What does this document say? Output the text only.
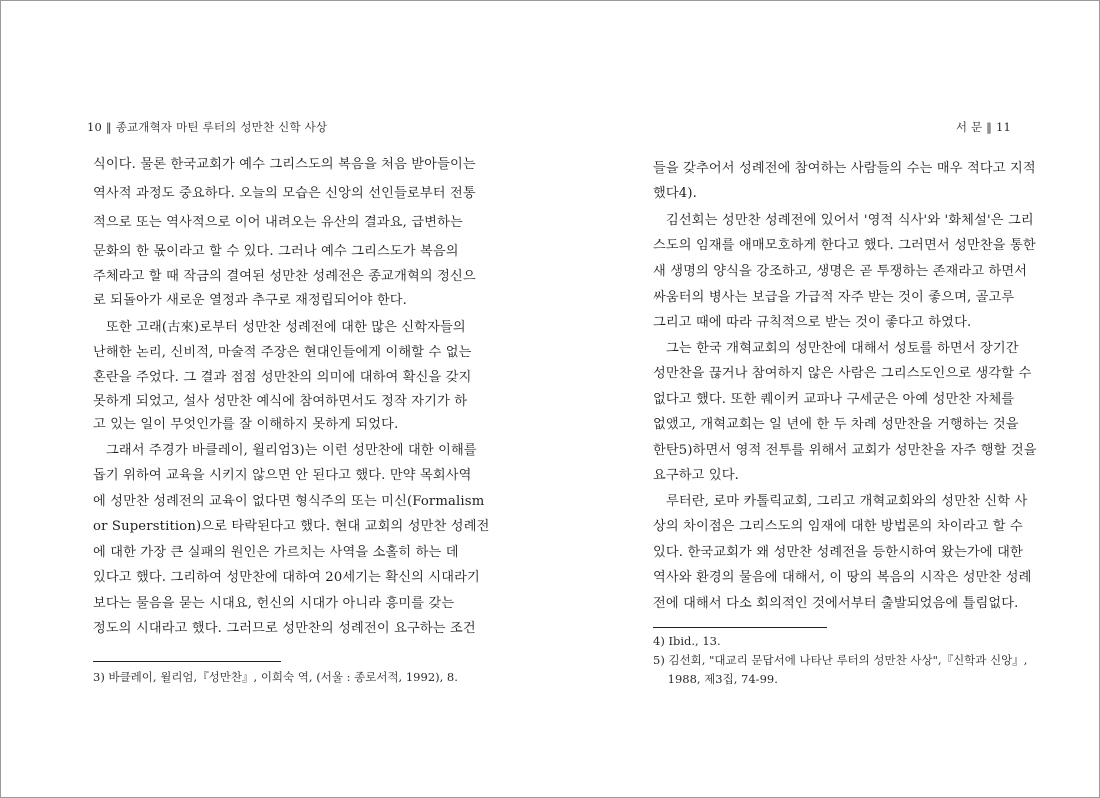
10 ‖ 종교개혁자 마틴 루터의 성만찬 신학 사상
식이다. 물론 한국교회가 예수 그리스도의 복음을 처음 받아들이는
역사적 과정도 중요하다. 오늘의 모습은 신앙의 선인들로부터 전통
적으로 또는 역사적으로 이어 내려오는 유산의 결과요, 급변하는
문화의 한 몫이라고 할 수 있다. 그러나 예수 그리스도가 복음의
주체라고 할 때 작금의 결여된 성만찬 성례전은 종교개혁의 정신으
로 되돌아가 새로운 열정과 추구로 재정립되어야 한다.
또한 고래(古來)로부터 성만찬 성례전에 대한 많은 신학자들의
난해한 논리, 신비적, 마술적 주장은 현대인들에게 이해할 수 없는
혼란을 주었다. 그 결과 점점 성만찬의 의미에 대하여 확신을 갖지
못하게 되었고, 설사 성만찬 예식에 참여하면서도 정작 자기가 하
고 있는 일이 무엇인가를 잘 이해하지 못하게 되었다.
그래서 주경가 바클레이, 윌리엄3)는 이런 성만찬에 대한 이해를
돕기 위하여 교육을 시키지 않으면 안 된다고 했다. 만약 목회사역
에 성만찬 성례전의 교육이 없다면 형식주의 또는 미신(Formalism
or Superstition)으로 타락된다고 했다. 현대 교회의 성만찬 성례전
에 대한 가장 큰 실패의 원인은 가르치는 사역을 소홀히 하는 데
있다고 했다. 그리하여 성만찬에 대하여 20세기는 확신의 시대라기
보다는 물음을 묻는 시대요, 헌신의 시대가 아니라 흥미를 갖는
정도의 시대라고 했다. 그러므로 성만찬의 성례전이 요구하는 조건
3) 바클레이, 윌리엄,『성만찬』, 이희숙 역, (서울 : 종로서적, 1992), 8.
서 문 ‖ 11
들을 갖추어서 성례전에 참여하는 사람들의 수는 매우 적다고 지적
했다4).
김선회는 성만찬 성례전에 있어서 '영적 식사'와 '화체설'은 그리
스도의 임재를 애매모호하게 한다고 했다. 그러면서 성만찬을 통한
새 생명의 양식을 강조하고, 생명은 곧 투쟁하는 존재라고 하면서
싸움터의 병사는 보급을 가급적 자주 받는 것이 좋으며, 골고루
그리고 때에 따라 규칙적으로 받는 것이 좋다고 하였다.
그는 한국 개혁교회의 성만찬에 대해서 성토를 하면서 장기간
성만찬을 끊거나 참여하지 않은 사람은 그리스도인으로 생각할 수
없다고 했다. 또한 퀘이커 교파나 구세군은 아예 성만찬 자체를
없앴고, 개혁교회는 일 년에 한 두 차례 성만찬을 거행하는 것을
한탄5)하면서 영적 전투를 위해서 교회가 성만찬을 자주 행할 것을
요구하고 있다.
루터란, 로마 카톨릭교회, 그리고 개혁교회와의 성만찬 신학 사
상의 차이점은 그리스도의 임재에 대한 방법론의 차이라고 할 수
있다. 한국교회가 왜 성만찬 성례전을 등한시하여 왔는가에 대한
역사와 환경의 물음에 대해서, 이 땅의 복음의 시작은 성만찬 성례
전에 대해서 다소 회의적인 것에서부터 출발되었음에 틀림없다.
4) Ibid., 13.
5) 김선회, "대교리 문답서에 나타난 루터의 성만찬 사상",『신학과 신앙』,
1988, 제3집, 74-99.
